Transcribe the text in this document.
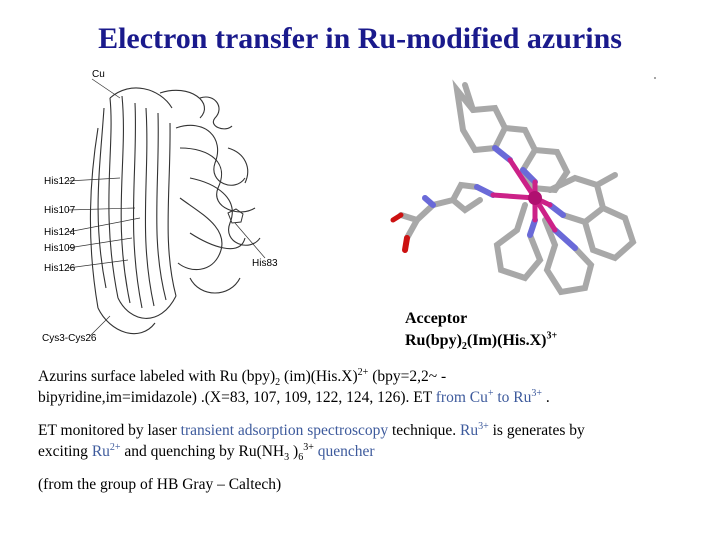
Electron transfer in Ru-modified azurins
Cu
His122
His107
His124
His109
His126	His83
Cys3-Cys26
Acceptor
$Ru(bpy)_2(Im)(His.X)^{3+}$
Azurins surface labeled with Ru $(bpy)_2$ $(im)(His.X)^{2+}$ (bpy=2,2~ -
bipyridine,im=imidazole) .(X=83, 107, 109, 122, 124, 126). ET from Cu+ to $Ru^{3+}$ .
ET monitored by laser transient adsorption spectroscopy technique. $Ru^{3+}$ is generates by
exciting $Ru^{2+}$ and quenching by $Ru(NH_3$ )$_6^{3+}$ quencher
(from the group of HB Gray – Caltech)
